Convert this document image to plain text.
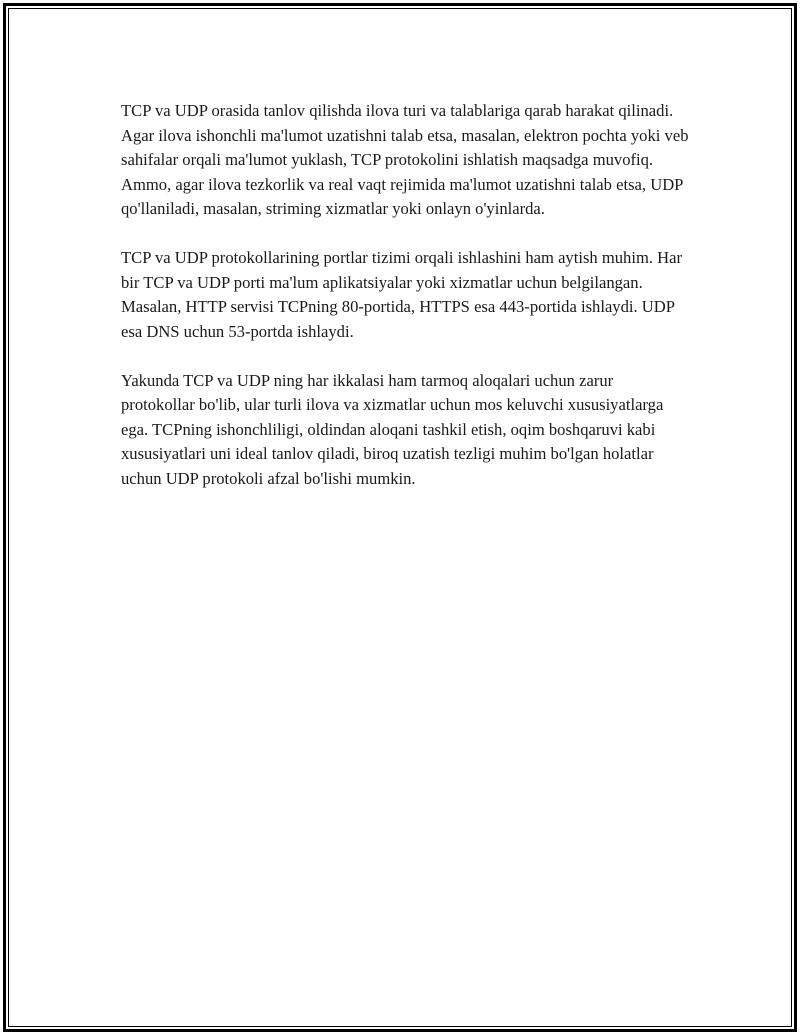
TCP va UDP orasida tanlov qilishda ilova turi va talablariga qarab harakat qilinadi. Agar ilova ishonchli ma'lumot uzatishni talab etsa, masalan, elektron pochta yoki veb sahifalar orqali ma'lumot yuklash, TCP protokolini ishlatish maqsadga muvofiq. Ammo, agar ilova tezkorlik va real vaqt rejimida ma'lumot uzatishni talab etsa, UDP qo'llaniladi, masalan, striming xizmatlar yoki onlayn o'yinlarda.

TCP va UDP protokollarining portlar tizimi orqali ishlashini ham aytish muhim. Har bir TCP va UDP porti ma'lum aplikatsiyalar yoki xizmatlar uchun belgilangan. Masalan, HTTP servisi TCPning 80-portida, HTTPS esa 443-portida ishlaydi. UDP esa DNS uchun 53-portda ishlaydi.

Yakunda TCP va UDP ning har ikkalasi ham tarmoq aloqalari uchun zarur protokollar bo'lib, ular turli ilova va xizmatlar uchun mos keluvchi xususiyatlarga ega. TCPning ishonchliligi, oldindan aloqani tashkil etish, oqim boshqaruvi kabi xususiyatlari uni ideal tanlov qiladi, biroq uzatish tezligi muhim bo'lgan holatlar uchun UDP protokoli afzal bo'lishi mumkin.
